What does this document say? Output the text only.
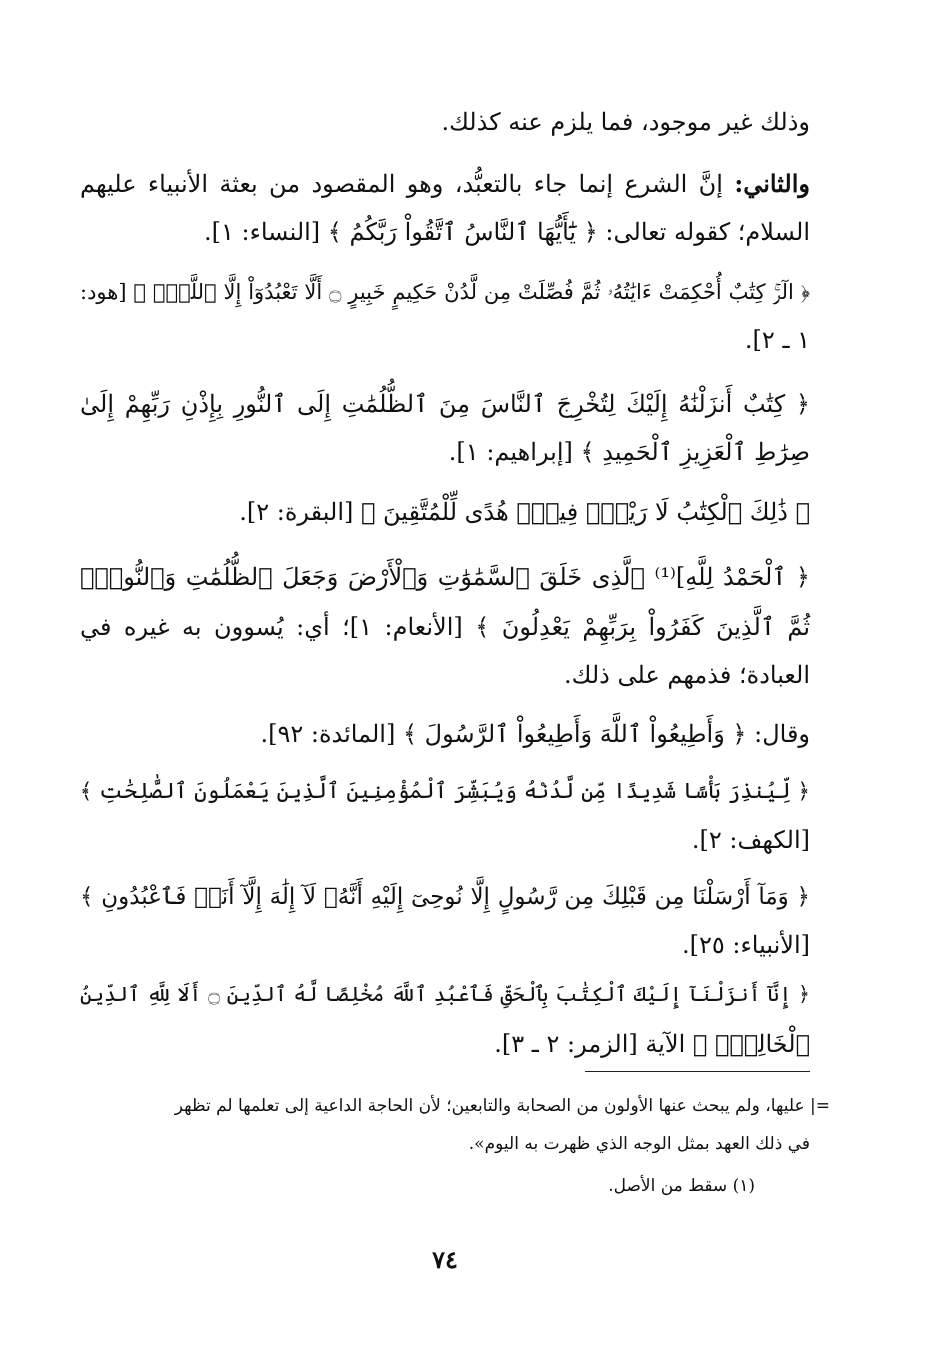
وذلك غير موجود، فما يلزم عنه كذلك.
والثاني: إنَّ الشرع إنما جاء بالتعبُّد، وهو المقصود من بعثة الأنبياء عليهم
السلام؛ كقوله تعالى: ﴿ يَٰٓأَيُّهَا ٱلنَّاسُ ٱتَّقُواْ رَبَّكُمُ ﴾ [النساء: ١].
﴿ الٓرۚ كِتَٰبٌ أُحْكِمَتْ ءَايَٰتُهُۥ ثُمَّ فُصِّلَتْ مِن لَّدُنْ حَكِيمٍ خَبِيرٍ ۝ أَلَّا تَعْبُدُوٓاْ إِلَّا ٱللَّهَۚ ﴾ [هود:
١ ـ ٢].
﴿ كِتَٰبٌ أَنزَلْنَٰهُ إِلَيْكَ لِتُخْرِجَ ٱلنَّاسَ مِنَ ٱلظُّلُمَٰتِ إِلَى ٱلنُّورِ بِإِذْنِ رَبِّهِمْ إِلَىٰ
صِرَٰطِ ٱلْعَزِيزِ ٱلْحَمِيدِ ﴾ [إبراهيم: ١].
﴿ ذَٰلِكَ ٱلْكِتَٰبُ لَا رَيْبَۛ فِيهِۛ هُدًى لِّلْمُتَّقِينَ ﴾ [البقرة: ٢].
﴿ ٱلْحَمْدُ لِلَّهِ]⁽¹⁾ ٱلَّذِى خَلَقَ ٱلسَّمَٰوَٰتِ وَٱلْأَرْضَ وَجَعَلَ ٱلظُّلُمَٰتِ وَٱلنُّورَۖ
ثُمَّ ٱلَّذِينَ كَفَرُواْ بِرَبِّهِمْ يَعْدِلُونَ ﴾ [الأنعام: ١]؛ أي: يُسوون به غيره في
العبادة؛ فذمهم على ذلك.
وقال: ﴿ وَأَطِيعُواْ ٱللَّهَ وَأَطِيعُواْ ٱلرَّسُولَ ﴾ [المائدة: ٩٢].
﴿ لِّيُنذِرَ بَأْسًا شَدِيدًا مِّن لَّدُنْهُ وَيُبَشِّرَ ٱلْمُؤْمِنِينَ ٱلَّذِينَ يَعْمَلُونَ ٱلصَّٰلِحَٰتِ ﴾
[الكهف: ٢].
﴿ وَمَآ أَرْسَلْنَا مِن قَبْلِكَ مِن رَّسُولٍ إِلَّا نُوحِىٓ إِلَيْهِ أَنَّهُۥ لَآ إِلَٰهَ إِلَّآ أَنَا۠ فَٱعْبُدُونِ ﴾
[الأنبياء: ٢٥].
﴿ إِنَّآ أَنزَلْنَآ إِلَيْكَ ٱلْكِتَٰبَ بِٱلْحَقِّ فَٱعْبُدِ ٱللَّهَ مُخْلِصًا لَّهُ ٱلدِّينَ ۝ أَلَا لِلَّهِ ٱلدِّينُ
ٱلْخَالِصُۚ ﴾ الآية [الزمر: ٢ ـ ٣].
=| عليها، ولم يبحث عنها الأولون من الصحابة والتابعين؛ لأن الحاجة الداعية إلى تعلمها لم تظهر
في ذلك العهد بمثل الوجه الذي ظهرت به اليوم».
(١) سقط من الأصل.
٧٤
